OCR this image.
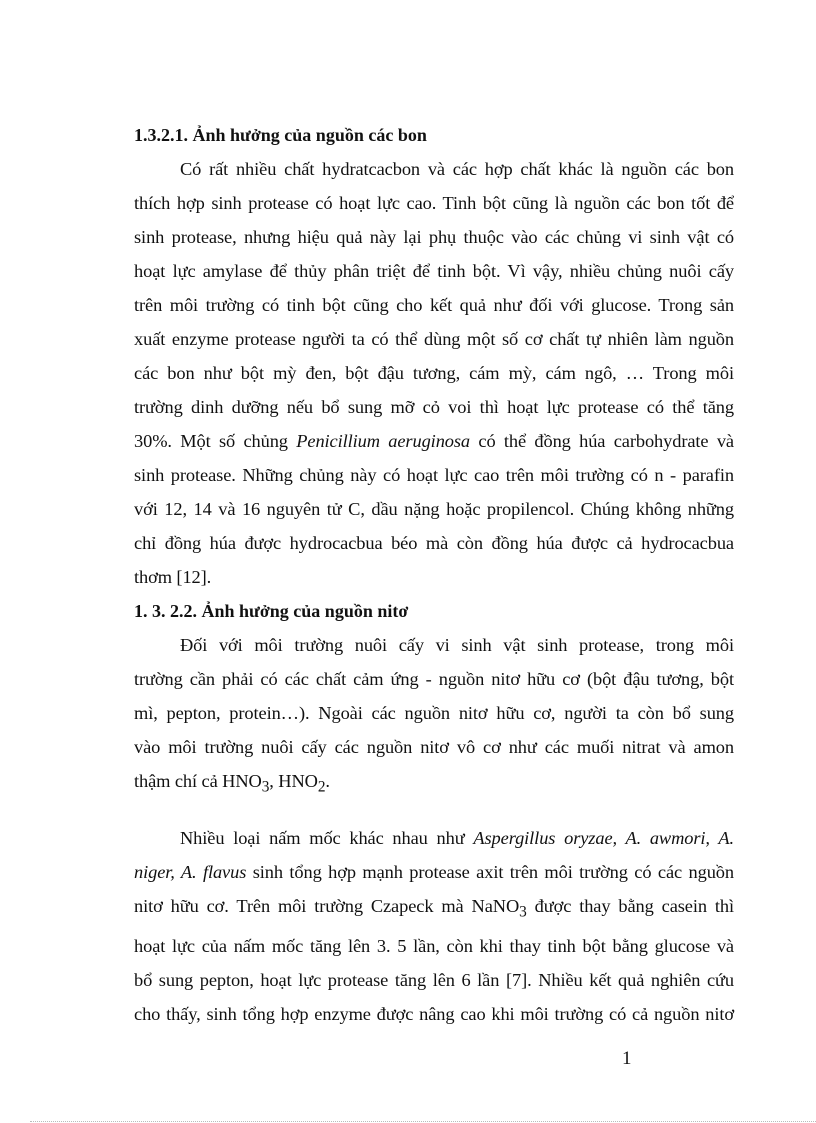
1.3.2.1. Ảnh hưởng của nguồn các bon

Có rất nhiều chất hydratcacbon và các hợp chất khác là nguồn các bon
thích hợp sinh protease có hoạt lực cao. Tinh bột cũng là nguồn các bon tốt để
sinh protease, nhưng hiệu quả này lại phụ thuộc vào các chủng vi sinh vật có
hoạt lực amylase để thủy phân triệt để tinh bột. Vì vậy, nhiều chủng nuôi cấy
trên môi trường có tinh bột cũng cho kết quả như đối với glucose. Trong sản
xuất enzyme protease người ta có thể dùng một số cơ chất tự nhiên làm nguồn
các bon như bột mỳ đen, bột đậu tương, cám mỳ, cám ngô, … Trong môi
trường dinh dưỡng nếu bổ sung mỡ cỏ voi thì hoạt lực protease có thể tăng
30%. Một số chủng Penicillium aeruginosa có thể đồng húa carbohydrate và
sinh protease. Những chủng này có hoạt lực cao trên môi trường có n - parafin
với 12, 14 và 16 nguyên tử C, dầu nặng hoặc propilencol. Chúng không những
chỉ đồng húa được hydrocacbua béo mà còn đồng húa được cả hydrocacbua
thơm [12].

1. 3. 2.2. Ảnh hưởng của nguồn nitơ

Đối với môi trường nuôi cấy vi sinh vật sinh protease, trong môi
trường cần phải có các chất cảm ứng - nguồn nitơ hữu cơ (bột đậu tương, bột
mì, pepton, protein…). Ngoài các nguồn nitơ hữu cơ, người ta còn bổ sung
vào môi trường nuôi cấy các nguồn nitơ vô cơ như các muối nitrat và amon
thậm chí cả $HNO_3$, $HNO_2$.

Nhiều loại nấm mốc khác nhau như Aspergillus oryzae, A. awmori, A.
niger, A. flavus sinh tổng hợp mạnh protease axit trên môi trường có các nguồn
nitơ hữu cơ. Trên môi trường Czapeck mà NaNO$_3$ được thay bằng casein thì
hoạt lực của nấm mốc tăng lên 3. 5 lần, còn khi thay tinh bột bằng glucose và
bổ sung pepton, hoạt lực protease tăng lên 6 lần [7]. Nhiều kết quả nghiên cứu
cho thấy, sinh tổng hợp enzyme được nâng cao khi môi trường có cả nguồn nitơ

1
